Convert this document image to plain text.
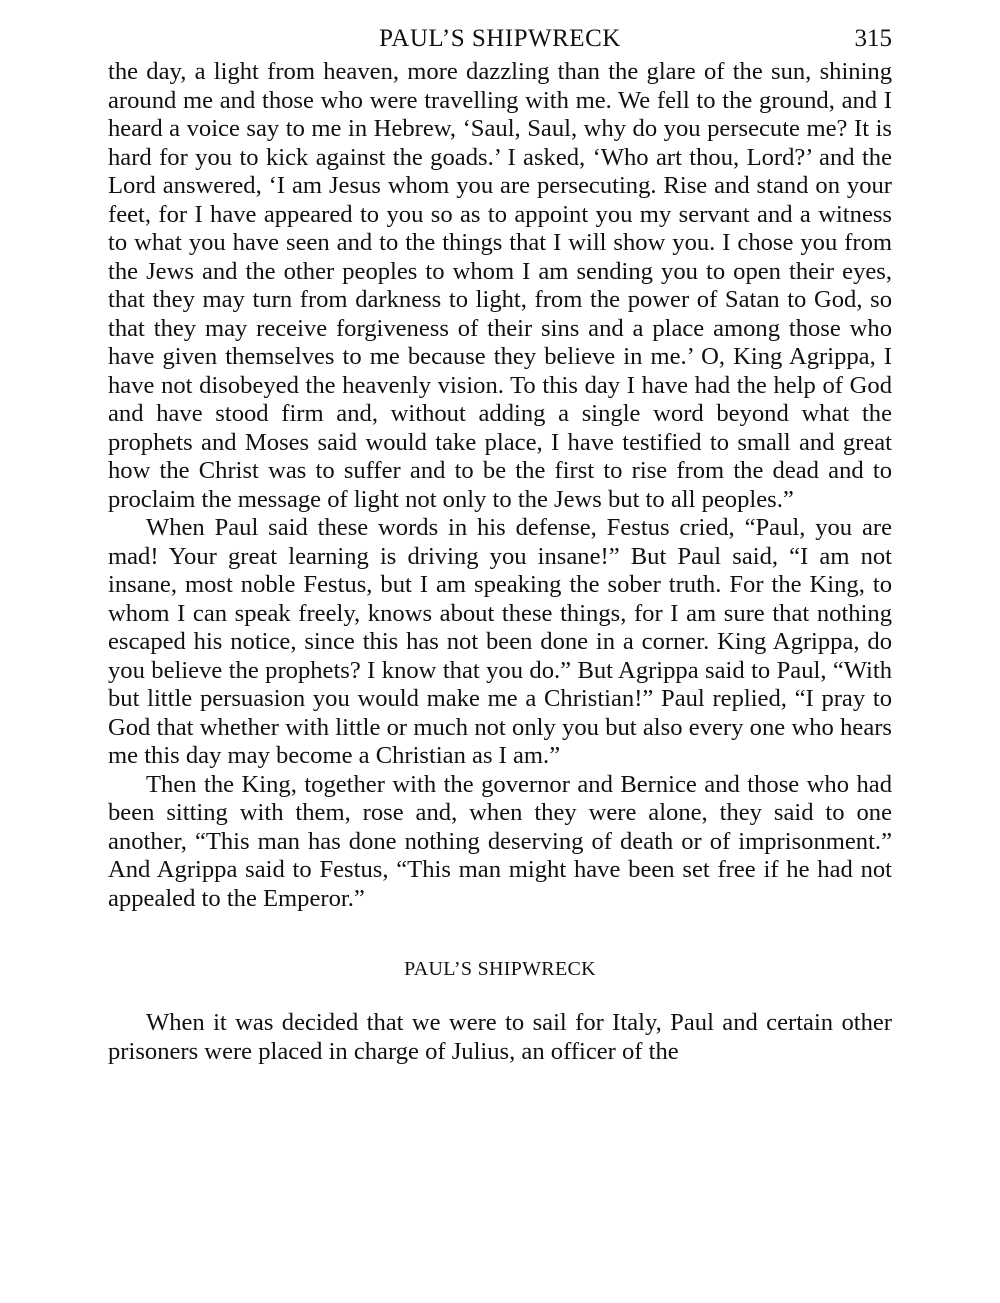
PAUL’S SHIPWRECK	315

the day, a light from heaven, more dazzling than the glare of the sun, shining around me and those who were travelling with me. We fell to the ground, and I heard a voice say to me in Hebrew, ‘Saul, Saul, why do you persecute me? It is hard for you to kick against the goads.’ I asked, ‘Who art thou, Lord?’ and the Lord answered, ‘I am Jesus whom you are persecuting. Rise and stand on your feet, for I have appeared to you so as to appoint you my servant and a witness to what you have seen and to the things that I will show you. I chose you from the Jews and the other peoples to whom I am sending you to open their eyes, that they may turn from darkness to light, from the power of Satan to God, so that they may receive forgiveness of their sins and a place among those who have given themselves to me because they believe in me.’ O, King Agrippa, I have not disobeyed the heavenly vision. To this day I have had the help of God and have stood firm and, without adding a single word beyond what the prophets and Moses said would take place, I have testified to small and great how the Christ was to suffer and to be the first to rise from the dead and to proclaim the message of light not only to the Jews but to all peoples.”

When Paul said these words in his defense, Festus cried, “Paul, you are mad! Your great learning is driving you insane!” But Paul said, “I am not insane, most noble Festus, but I am speaking the sober truth. For the King, to whom I can speak freely, knows about these things, for I am sure that nothing escaped his notice, since this has not been done in a corner. King Agrippa, do you believe the prophets? I know that you do.” But Agrippa said to Paul, “With but little persuasion you would make me a Christian!” Paul replied, “I pray to God that whether with little or much not only you but also every one who hears me this day may become a Christian as I am.”

Then the King, together with the governor and Bernice and those who had been sitting with them, rose and, when they were alone, they said to one another, “This man has done nothing deserving of death or of imprisonment.” And Agrippa said to Festus, “This man might have been set free if he had not appealed to the Emperor.”

PAUL’S SHIPWRECK

When it was decided that we were to sail for Italy, Paul and certain other prisoners were placed in charge of Julius, an officer of the
